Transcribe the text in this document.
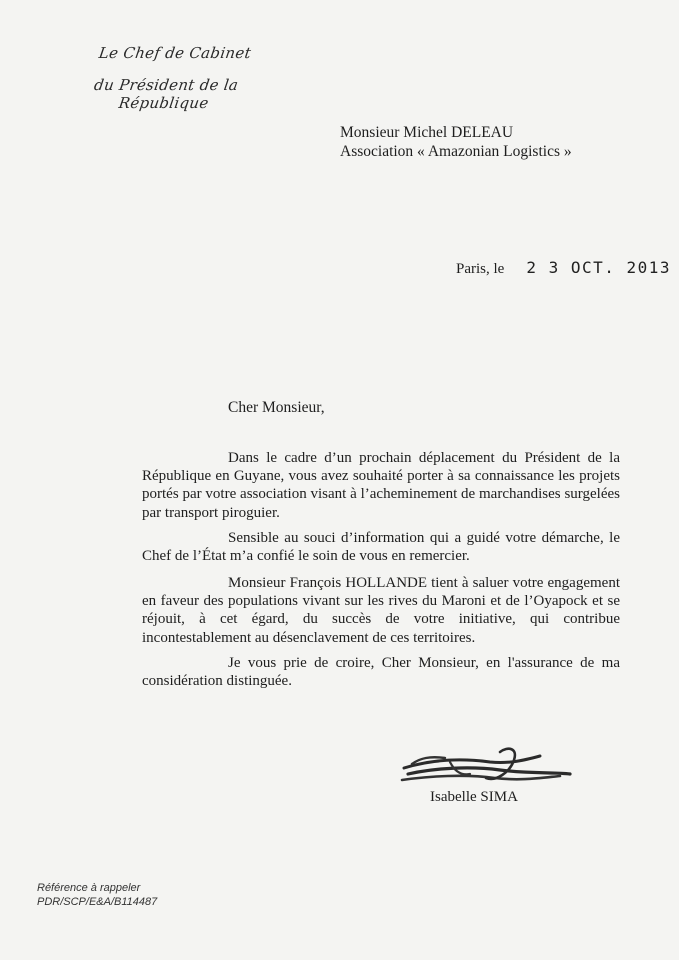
Le Chef de Cabinet
du Président de la République
Monsieur Michel DELEAU
Association « Amazonian Logistics »
Paris, le 2 3 OCT. 2013
Cher Monsieur,
Dans le cadre d’un prochain déplacement du Président de la République en Guyane, vous avez souhaité porter à sa connaissance les projets portés par votre association visant à l’acheminement de marchandises surgelées par transport piroguier.
Sensible au souci d’information qui a guidé votre démarche, le Chef de l’État m’a confié le soin de vous en remercier.
Monsieur François HOLLANDE tient à saluer votre engagement en faveur des populations vivant sur les rives du Maroni et de l’Oyapock et se réjouit, à cet égard, du succès de votre initiative, qui contribue incontestablement au désenclavement de ces territoires.
Je vous prie de croire, Cher Monsieur, en l'assurance de ma considération distinguée.
Isabelle SIMA
Référence à rappeler
PDR/SCP/E&A/B114487
